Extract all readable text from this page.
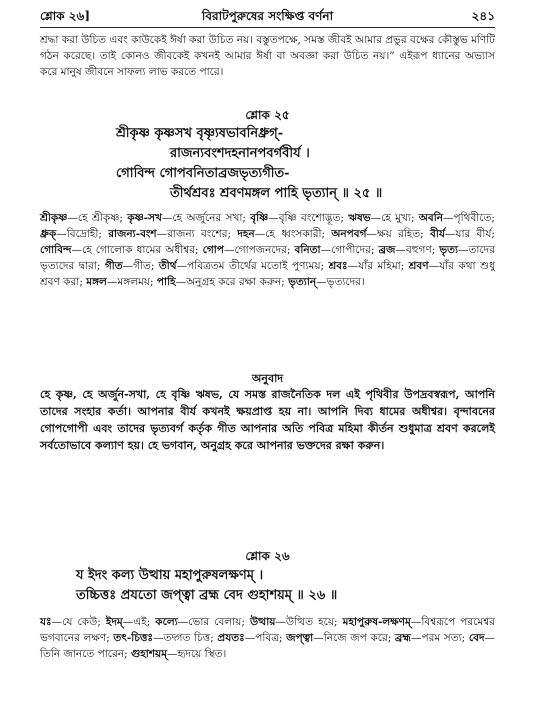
শ্লোক ২৬]	বিরাটপুরুষের সংক্ষিপ্ত বর্ণনা	২৪১

শ্রদ্ধা করা উচিত এবং কাউকেই ঈর্ষা করা উচিত নয়। বস্তুতপক্ষে, সমস্ত জীবই আমার প্রভুর বক্ষের কৌস্তুভ মণিটি গঠন করেছে। তাই কোনও জীবকেই কখনই আমার ঈর্ষা বা অবজ্ঞা করা উচিত নয়।” এইরূপ ধ্যানের অভ্যাস করে মানুষ জীবনে সাফল্য লাভ করতে পারে।

শ্লোক ২৫
শ্রীকৃষ্ণ কৃষ্ণসখ বৃষ্ণ্যৃষভাবনিধ্রুগ্-
রাজন্যবংশদহনানপবর্গবীর্য ।
গোবিন্দ গোপবনিতাব্রজভৃত্যগীত-
তীর্থশ্রবঃ শ্রবণমঙ্গল পাহি ভৃত্যান্ ॥ ২৫ ॥

শ্রীকৃষ্ণ—হে শ্রীকৃষ্ণ; কৃষ্ণ-সখ—হে অর্জুনের সখা; বৃষ্ণি—বৃষ্ণি বংশোদ্ভূত; ঋষভ—হে মুখ্য; অবনি—পৃথিবীতে; ধ্রুক্—বিদ্রোহী; রাজন্য-বংশ—রাজন্য বংশের; দহন—হে ধ্বংসকারী; অনপবর্গ—ক্ষয় রহিত; বীর্য—যার বীর্য; গোবিন্দ—হে গোলোক ধামের অধীশ্বর; গোপ—গোপজনদের; বনিতা—গোপীদের; ব্রজ—বহুগণ; ভৃত্য—তাদের ভৃত্যদের দ্বারা; গীত—গীত; তীর্থ—পবিত্রতম তীর্থের মতোই পুণ্যময়; শ্রবঃ—যাঁর মহিমা; শ্রবণ—যাঁর কথা শুধু শ্রবণ করা; মঙ্গল—মঙ্গলময়; পাহি—অনুগ্রহ করে রক্ষা করুন; ভৃত্যান্—ভৃত্যদের।

অনুবাদ

হে কৃষ্ণ, হে অর্জুন-সখা, হে বৃষ্ণি ঋষভ, যে সমস্ত রাজনৈতিক দল এই পৃথিবীর উপদ্রবস্বরূপ, আপনি তাদের সংহার কর্তা। আপনার বীর্য কখনই ক্ষয়প্রাপ্ত হয় না। আপনি দিব্য ধামের অধীশ্বর। বৃন্দাবনের গোপগোপী এবং তাদের ভৃত্যবর্গ কর্তৃক গীত আপনার অতি পবিত্র মহিমা কীর্তন শুধুমাত্র শ্রবণ করলেই সর্বতোভাবে কল্যাণ হয়। হে ভগবান, অনুগ্রহ করে আপনার ভক্তদের রক্ষা করুন।

শ্লোক ২৬
য ইদং কল্য উত্থায় মহাপুরুষলক্ষণম্ ।
তচ্চিত্তঃ প্রযতো জপ্ত্বা ব্রহ্ম বেদ গুহাশয়ম্ ॥ ২৬ ॥

যঃ—যে কেউ; ইদম্—এই; কল্যে—ভোর বেলায়; উত্থায়—উত্থিত হয়ে; মহাপুরুষ-লক্ষণম্—বিশ্বরূপে পরমেশ্বর ভগবানের লক্ষণ; তৎ-চিত্তঃ—তদ্গত চিত্ত; প্রযতঃ—পবিত্র; জপ্ত্বা—নিজে জপ করে; ব্রহ্ম—পরম সত্য; বেদ—তিনি জানতে পারেন; গুহাশয়ম্—হৃদয়ে স্থিত।
